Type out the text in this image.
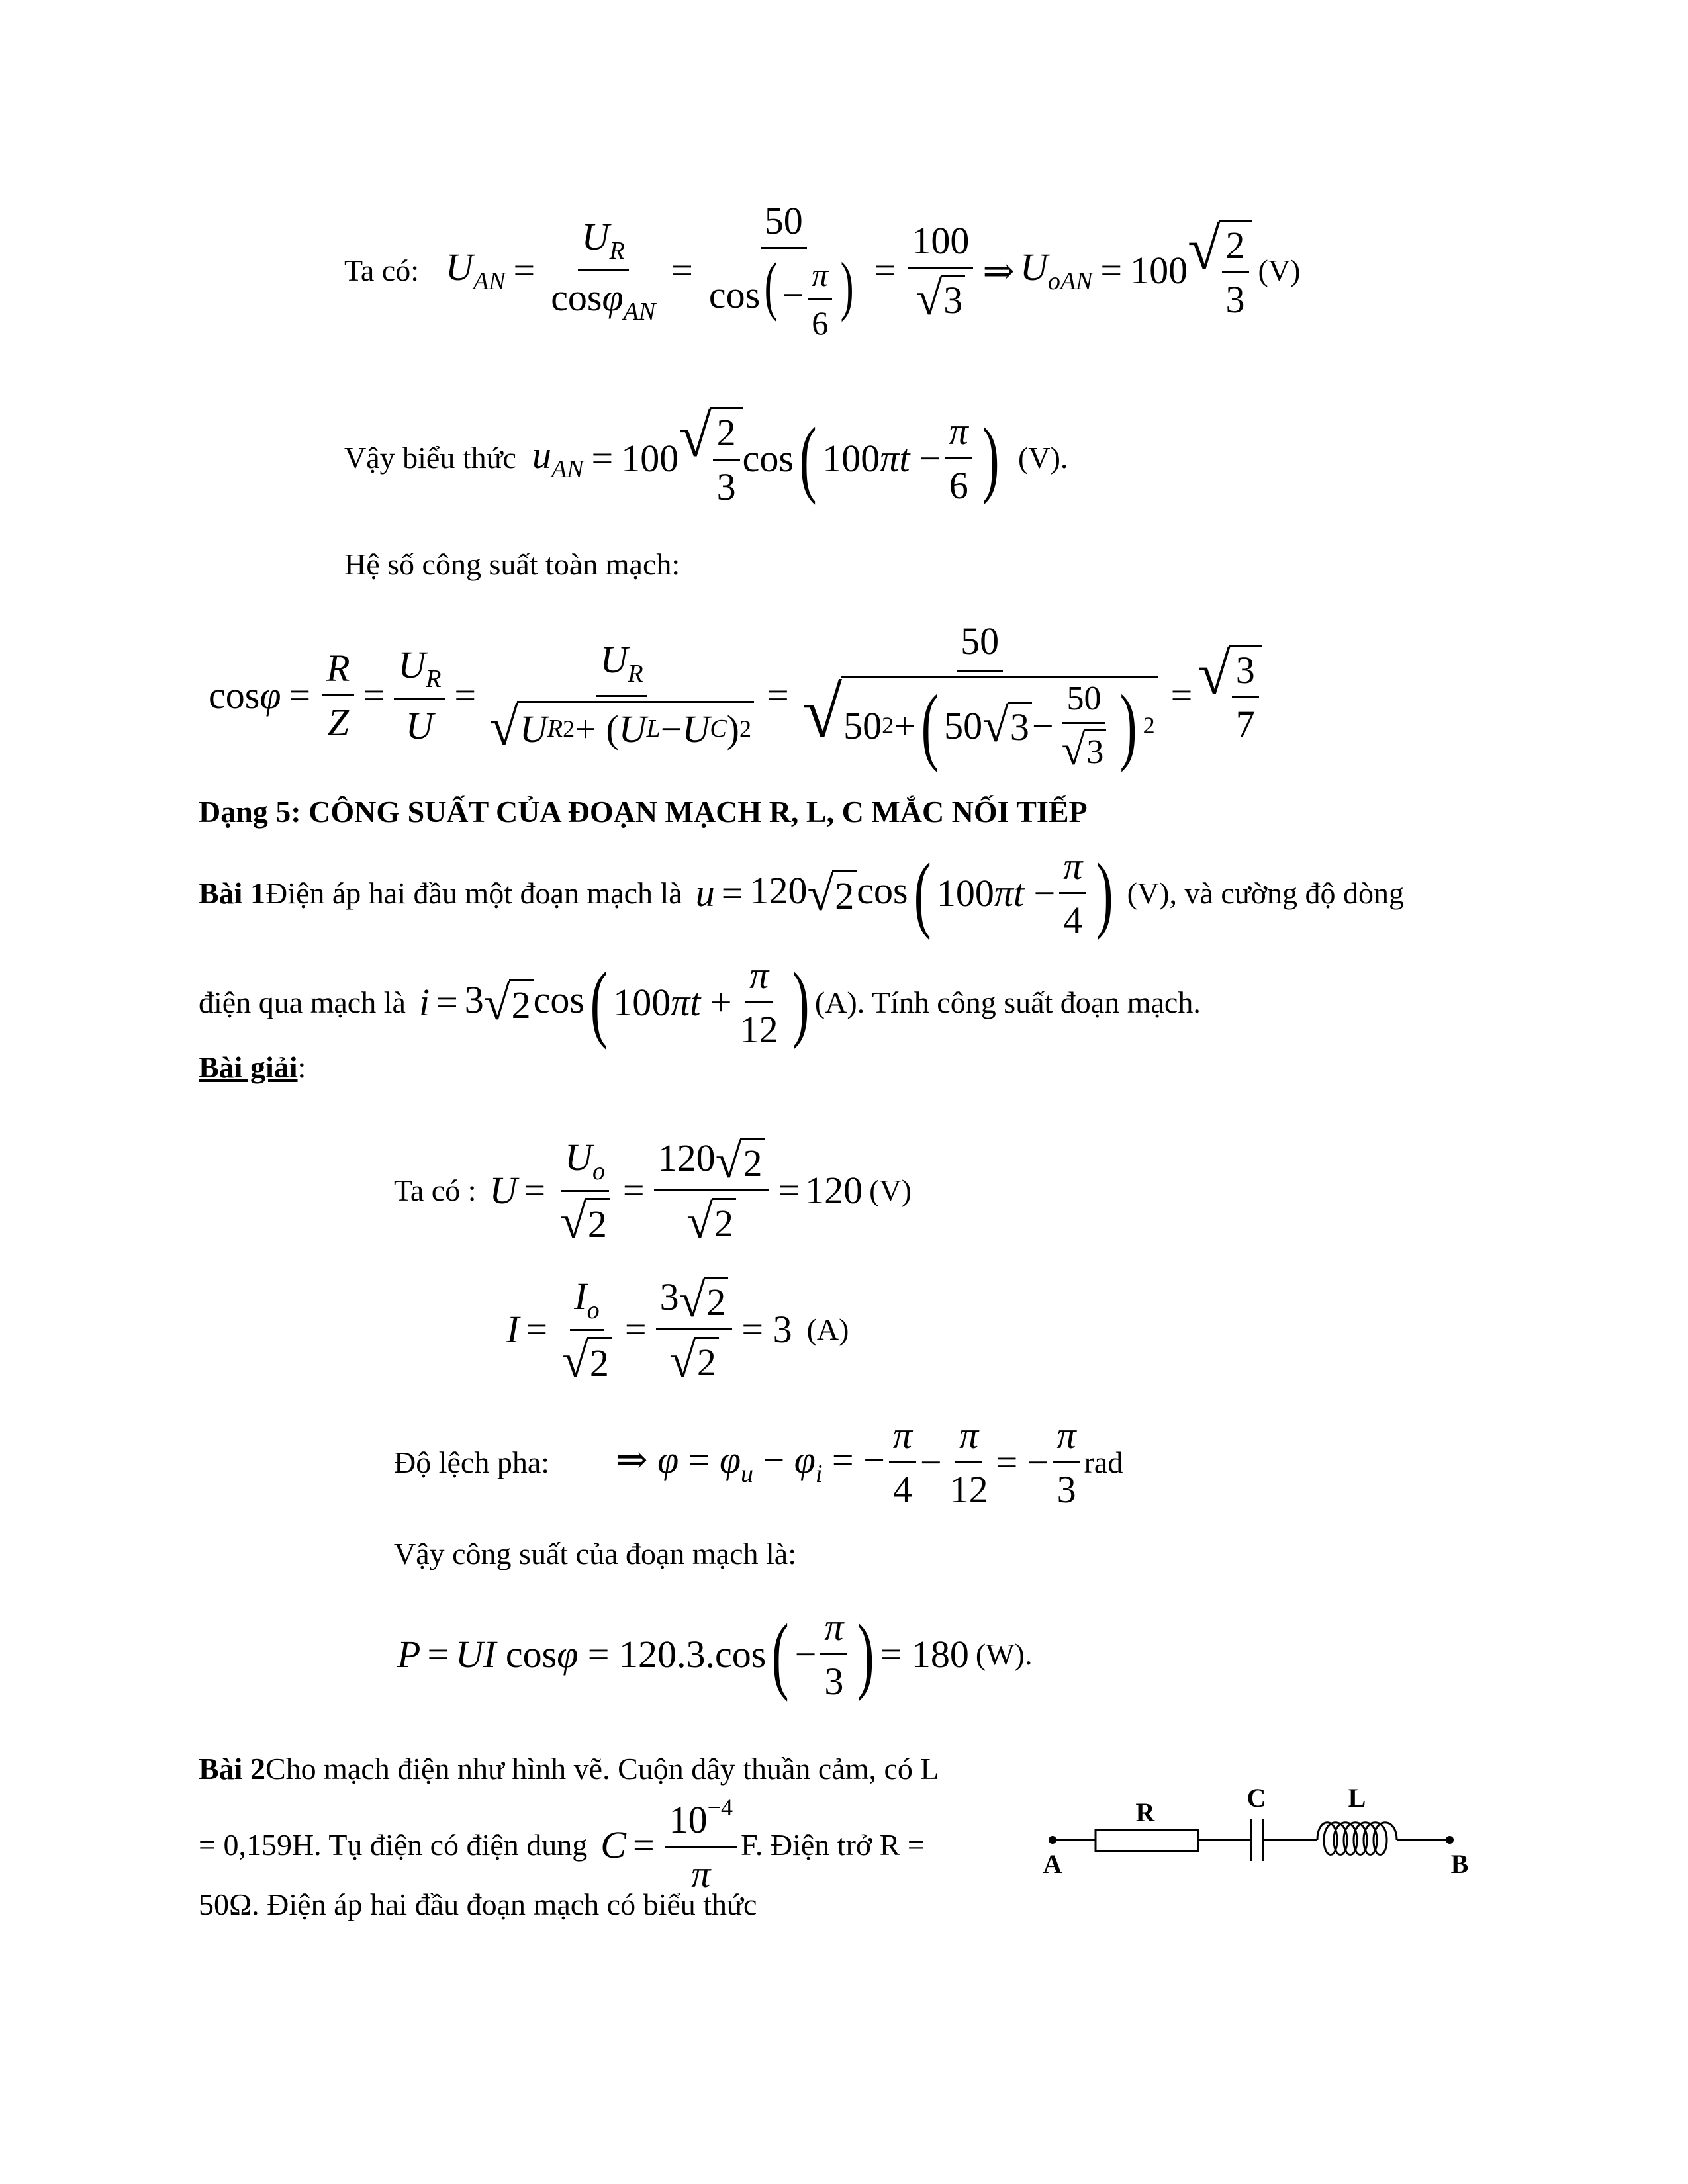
Ta có: $U_{AN} = \frac{U_R}{\cos\varphi_{AN}} = \frac{50}{\cos( - \frac{\pi}{6} )} = \frac{100}{√ 3}$ ⇒ $U_{oAN} = 100$ √ $\frac{2}{3} (V)$
Vậy biểu thức $u_{AN} = 100$ √ $\frac{2}{3}$ cos ( $100\pi t - \frac{\pi}{6}$ ) (V).
Hệ số công suất toàn mạch:
$\cos\varphi = \frac{R}{Z} = \frac{U_R}{U} = \frac{U_R}{\text{√ U R 2 + ( U L − U C ) 2}} = \frac{50}{√ 50 2 + ( 50 √ 3 - \frac{50}{√ 3} ) 2}$ = √ $\frac{3}{7}$
Dạng 5: CÔNG SUẤT CỦA ĐOẠN MẠCH R, L, C MẮC NỐI TIẾP
Bài 1 Điện áp hai đầu một đoạn mạch là u = 120 √ 2 cos ( $100\pi t - \frac{\pi}{4}$ ) (V), và cường độ dòng
điện qua mạch là i = 3 √ 2 cos ( $100\pi t + \frac{\pi}{12}$ ) (A). Tính công suất đoạn mạch.
Bài giải :
Ta có : $U = \frac{U_o}{√ 2} = \frac{120 √ 2}{√ 2} = 120$ (V)
$I = \frac{I_o}{√ 2} = \frac{3 √ 2}{√ 2} = 3$ (A)
Độ lệch pha: ⇒ $\varphi = \varphi_u - \varphi_i$ = − $\frac{\pi}{4} - \frac{\pi}{12}$ = − $\frac{\pi}{3}$ rad
Vậy công suất của đoạn mạch là:
P = UI cosφ = 120.3.cos ( − $\frac{\pi}{3}$ ) = 180 (W).
Bài 2 Cho mạch điện như hình vẽ. Cuộn dây thuần cảm, có L
= 0,159H. Tụ điện có điện dung $C = \frac{10^{-4}}{\pi} F$. Điện trở R =
50Ω. Điện áp hai đầu đoạn mạch có biểu thức
R	C	L
A	B
